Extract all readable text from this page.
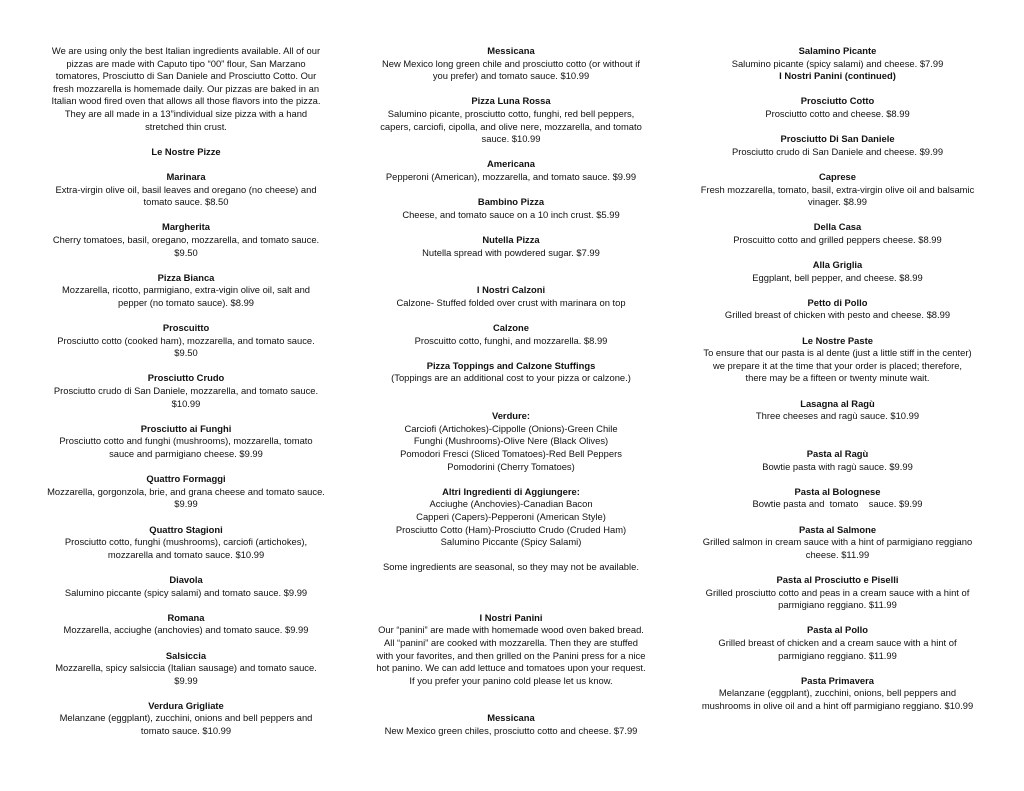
We are using only the best Italian ingredients available. All of our

pizzas are made with Caputo tipo “00” flour, San Marzano

tomatores, Prosciutto di San Daniele and Prosciutto Cotto. Our

fresh mozzarella is homemade daily. Our pizzas are baked in an

Italian wood fired oven that allows all those flavors into the pizza.

They are all made in a 13”individual size pizza with a hand

stretched thin crust.

Le Nostre Pizze

Marinara

Extra-virgin olive oil, basil leaves and oregano (no cheese) and

tomato sauce. $8.50

Margherita

Cherry tomatoes, basil, oregano, mozzarella, and tomato sauce.

$9.50

Pizza Bianca

Mozzarella, ricotto, parmigiano, extra-vigin olive oil, salt and

pepper (no tomato sauce). $8.99

Proscuitto

Prosciutto cotto (cooked ham), mozzarella, and tomato sauce.

$9.50

Prosciutto Crudo

Prosciutto crudo di San Daniele, mozzarella, and tomato sauce.

$10.99

Prosciutto ai Funghi

Prosciutto cotto and funghi (mushrooms), mozzarella, tomato

sauce and parmigiano cheese. $9.99

Quattro Formaggi

Mozzarella, gorgonzola, brie, and grana cheese and tomato sauce.

$9.99

Quattro Stagioni

Prosciutto cotto, funghi (mushrooms), carciofi (artichokes),

mozzarella and tomato sauce. $10.99

Diavola

Salumino piccante (spicy salami) and tomato sauce. $9.99

Romana

Mozzarella, acciughe (anchovies) and tomato sauce. $9.99

Salsiccia

Mozzarella, spicy salsiccia (Italian sausage) and tomato sauce.

$9.99

Verdura Grigliate

Melanzane (eggplant), zucchini, onions and bell peppers and

tomato sauce. $10.99

Messicana

New Mexico long green chile and prosciutto cotto (or without if

you prefer) and tomato sauce. $10.99

Pizza Luna Rossa

Salumino picante, prosciutto cotto, funghi, red bell peppers,

capers, carciofi, cipolla, and olive nere, mozzarella, and tomato

sauce. $10.99

Americana

Pepperoni (American), mozzarella, and tomato sauce. $9.99

Bambino Pizza

Cheese, and tomato sauce on a 10 inch crust. $5.99

Nutella Pizza

Nutella spread with powdered sugar. $7.99

I Nostri Calzoni

Calzone- Stuffed folded over crust with marinara on top

Calzone

Proscuitto cotto, funghi, and mozzarella. $8.99

Pizza Toppings and Calzone Stuffings

(Toppings are an additional cost to your pizza or calzone.)

Verdure:

Carciofi (Artichokes)-Cippolle (Onions)-Green Chile

Funghi (Mushrooms)-Olive Nere (Black Olives)

Pomodori Fresci (Sliced Tomatoes)-Red Bell Peppers

Pomodorini (Cherry Tomatoes)

Altri Ingredienti di Aggiungere:

Acciughe (Anchovies)-Canadian Bacon

Capperi (Capers)-Pepperoni (American Style)

Prosciutto Cotto (Ham)-Prosciutto Crudo (Cruded Ham)

Salumino Piccante (Spicy Salami)

Some ingredients are seasonal, so they may not be available.

I Nostri Panini

Our “panini” are made with homemade wood oven baked bread.

All “panini” are cooked with mozzarella. Then they are stuffed

with your favorites, and then grilled on the Panini press for a nice

hot panino. We can add lettuce and tomatoes upon your request.

If you prefer your panino cold please let us know.

Messicana

New Mexico green chiles, prosciutto cotto and cheese. $7.99

Salamino Picante

Salumino picante (spicy salami) and cheese. $7.99

I Nostri Panini (continued)

Prosciutto Cotto

Prosciutto cotto and cheese. $8.99

Prosciutto Di San Daniele

Prosciutto crudo di San Daniele and cheese. $9.99

Caprese

Fresh mozzarella, tomato, basil, extra-virgin olive oil and balsamic

vinager. $8.99

Della Casa

Proscuitto cotto and grilled peppers cheese. $8.99

Alla Griglia

Eggplant, bell pepper, and cheese. $8.99

Petto di Pollo

Grilled breast of chicken with pesto and cheese. $8.99

Le Nostre Paste

To ensure that our pasta is al dente (just a little stiff in the center)

we prepare it at the time that your order is placed; therefore,

there may be a fifteen or twenty minute wait.

Lasagna al Ragù

Three cheeses and ragù sauce. $10.99

Pasta al Ragù

Bowtie pasta with ragù sauce. $9.99

Pasta al Bolognese

Bowtie pasta and  tomato    sauce. $9.99

Pasta al Salmone

Grilled salmon in cream sauce with a hint of parmigiano reggiano

cheese. $11.99

Pasta al Prosciutto e Piselli

Grilled prosciutto cotto and peas in a cream sauce with a hint of

parmigiano reggiano. $11.99

Pasta al Pollo

Grilled breast of chicken and a cream sauce with a hint of

parmigiano reggiano. $11.99

Pasta Primavera

Melanzane (eggplant), zucchini, onions, bell peppers and

mushrooms in olive oil and a hint off parmigiano reggiano. $10.99
